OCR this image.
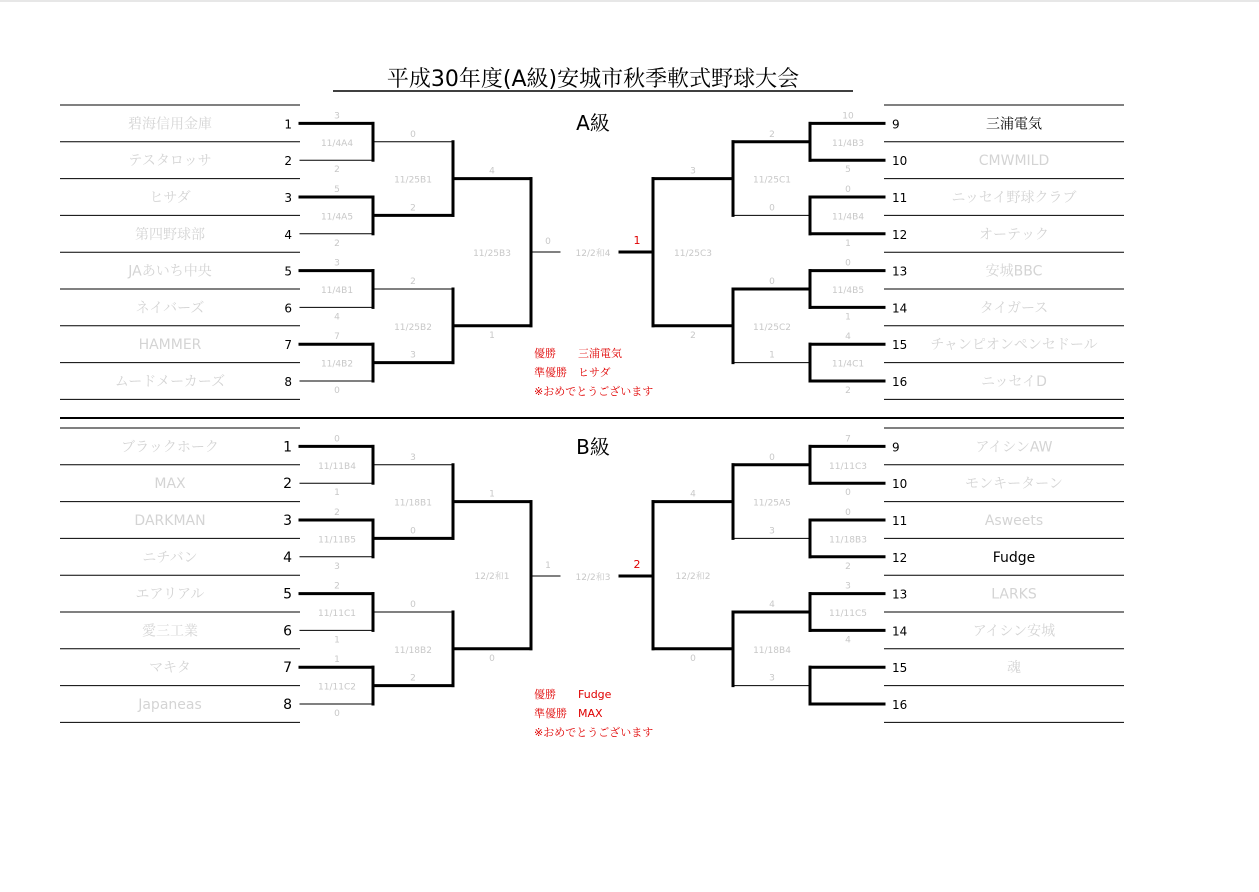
平成30年度(A級)安城市秋季軟式野球大会
A級
碧海信用金庫	1
テスタロッサ	2
ヒサダ	3
第四野球部	4
JAあいち中央	5
ネイバーズ	6
HAMMER	7
ムードメーカーズ	8
9	三浦電気
10	CMWMILD
11	ニッセイ野球クラブ
12	オーテック
13	安城BBC
14	タイガース
15 チャンピオンペンセドール
16	ニッセイD
11/4A4
3
2
11/4A5
5
2
11/4B1
3
4
11/4B2
7
0
11/25B1
0
2
11/25B2
2
3
11/25B3
4
1
11/4B3
10
5
11/4B4
0
1
11/4B5
0
1
11/4C1
4
2
11/25C1
2
0
11/25C2
0
1
11/25C3
3
2
12/2和4
0	1
優勝　　三浦電気
準優勝　ヒサダ
※おめでとうございます
B級
ブラックホーク	1
MAX	2
DARKMAN	3
ニチバン	4
エアリアル	5
愛三工業	6
マキタ	7
Japaneas	8
9	アイシンAW
10	モンキーターン
11	Asweets
12	Fudge
13	LARKS
14	アイシン安城
15	魂
16
11/11B4
0
1
11/11B5
2
3
11/11C1
2
1
11/11C2
1
0
11/18B1
3
0
11/18B2
0
2
12/2和1
1
0
11/11C3
7
0
11/18B3
0
2
11/11C5
3
4
11/25A5
0
3
11/18B4
4
3
12/2和2
4
0
12/2和3
1	2
優勝　　Fudge
準優勝　MAX
※おめでとうございます
